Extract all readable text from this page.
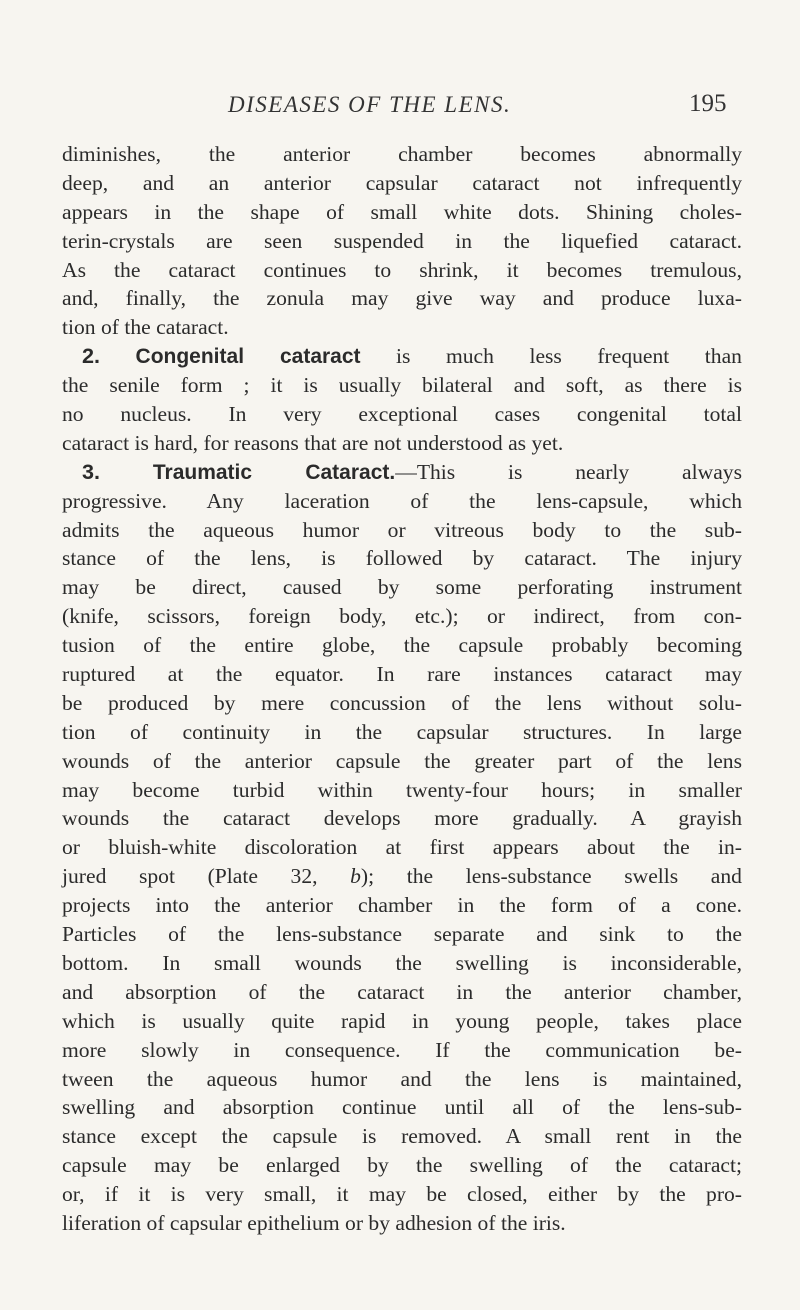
DISEASES OF THE LENS.	195
diminishes, the anterior chamber becomes abnormally
deep, and an anterior capsular cataract not infrequently
appears in the shape of small white dots. Shining choles-
terin-crystals are seen suspended in the liquefied cataract.
As the cataract continues to shrink, it becomes tremulous,
and, finally, the zonula may give way and produce luxa-
tion of the cataract.
2. Congenital cataract is much less frequent than
the senile form ; it is usually bilateral and soft, as there is
no nucleus. In very exceptional cases congenital total
cataract is hard, for reasons that are not understood as yet.
3.	Traumatic Cataract.—This is nearly always
progressive. Any laceration of the lens-capsule, which
admits the aqueous humor or vitreous body to the sub-
stance of the lens, is followed by cataract. The injury
may be direct, caused by some perforating instrument
(knife, scissors, foreign body, etc.); or indirect, from con-
tusion of the entire globe, the capsule probably becoming
ruptured at the equator. In rare instances cataract may
be produced by mere concussion of the lens without solu-
tion of continuity in the capsular structures. In large
wounds of the anterior capsule the greater part of the lens
may become turbid within twenty-four hours; in smaller
wounds the cataract develops more gradually. A grayish
or bluish-white discoloration at first appears about the in-
jured spot (Plate 32, b); the lens-substance swells and
projects into the anterior chamber in the form of a cone.
Particles of the lens-substance separate and sink to the
bottom. In small wounds the swelling is inconsiderable,
and absorption of the cataract in the anterior chamber,
which is usually quite rapid in young people, takes place
more slowly in consequence. If the communication be-
tween the aqueous humor and the lens is maintained,
swelling and absorption continue until all of the lens-sub-
stance except the capsule is removed. A small rent in the
capsule may be enlarged by the swelling of the cataract;
or, if it is very small, it may be closed, either by the pro-
liferation of capsular epithelium or by adhesion of the iris.
